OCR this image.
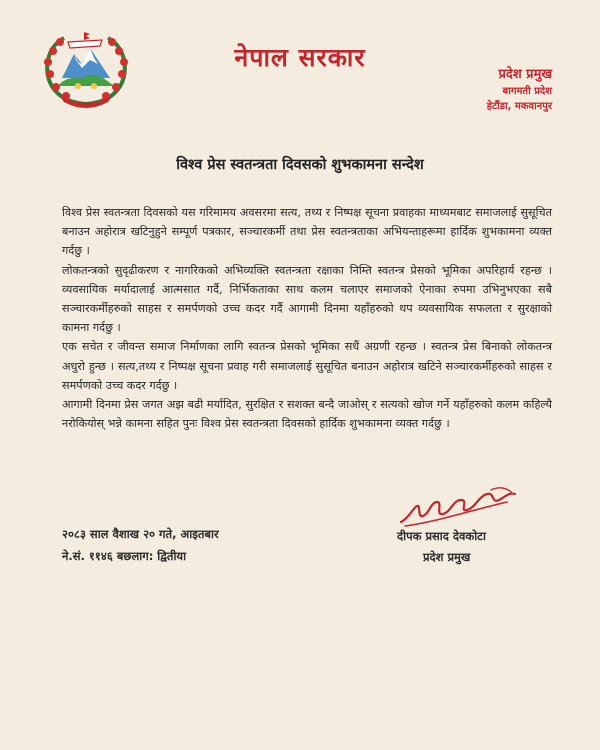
नेपाल सरकार
प्रदेश प्रमुख
बागमती प्रदेश
हेटौंडा, मकवानपुर
विश्व प्रेस स्वतन्त्रता दिवसको शुभकामना सन्देश

विश्व प्रेस स्वतन्त्रता दिवसको यस गरिमामय अवसरमा सत्य, तथ्य र निष्पक्ष सूचना प्रवाहका माध्यमबाट समाजलाई सुसूचित बनाउन अहोरात्र खटिनुहुने सम्पूर्ण पत्रकार, सञ्चारकर्मी तथा प्रेस स्वतन्त्रताका अभियन्ताहरूमा हार्दिक शुभकामना व्यक्त गर्दछु ।

लोकतन्त्रको सुदृढीकरण र नागरिकको अभिव्यक्ति स्वतन्त्रता रक्षाका निम्ति स्वतन्त्र प्रेसको भूमिका अपरिहार्य रहन्छ । व्यवसायिक मर्यादालाई आत्मसात गर्दै, निर्भिकताका साथ कलम चलाएर समाजको ऐनाका रुपमा उभिनुभएका सबै सञ्चारकर्मीहरुको साहस र समर्पणको उच्च कदर गर्दै आगामी दिनमा यहाँहरुको थप व्यवसायिक सफलता र सुरक्षाको कामना गर्दछु ।

एक सचेत र जीवन्त समाज निर्माणका लागि स्वतन्त्र प्रेसको भूमिका सधैं अग्रणी रहन्छ । स्वतन्त्र प्रेस बिनाको लोकतन्त्र अधुरो हुन्छ । सत्य,तथ्य र निष्पक्ष सूचना प्रवाह गरी समाजलाई सुसूचित बनाउन अहोरात्र खटिने सञ्चारकर्मीहरुको साहस र समर्पणको उच्च कदर गर्दछु ।

आगामी दिनमा प्रेस जगत अझ बढी मर्यादित, सुरक्षित र सशक्त बन्दै जाओस् र सत्यको खोज गर्ने यहाँहरुको कलम कहिल्यै नरोकियोस् भन्ने कामना सहित पुनः विश्व प्रेस स्वतन्त्रता दिवसको हार्दिक शुभकामना व्यक्त गर्दछु ।

२०८३ साल वैशाख २० गते, आइतबार
ने.सं. ११४६ बछलाग: द्वितीया
दीपक प्रसाद देवकोटा
प्रदेश प्रमुख
